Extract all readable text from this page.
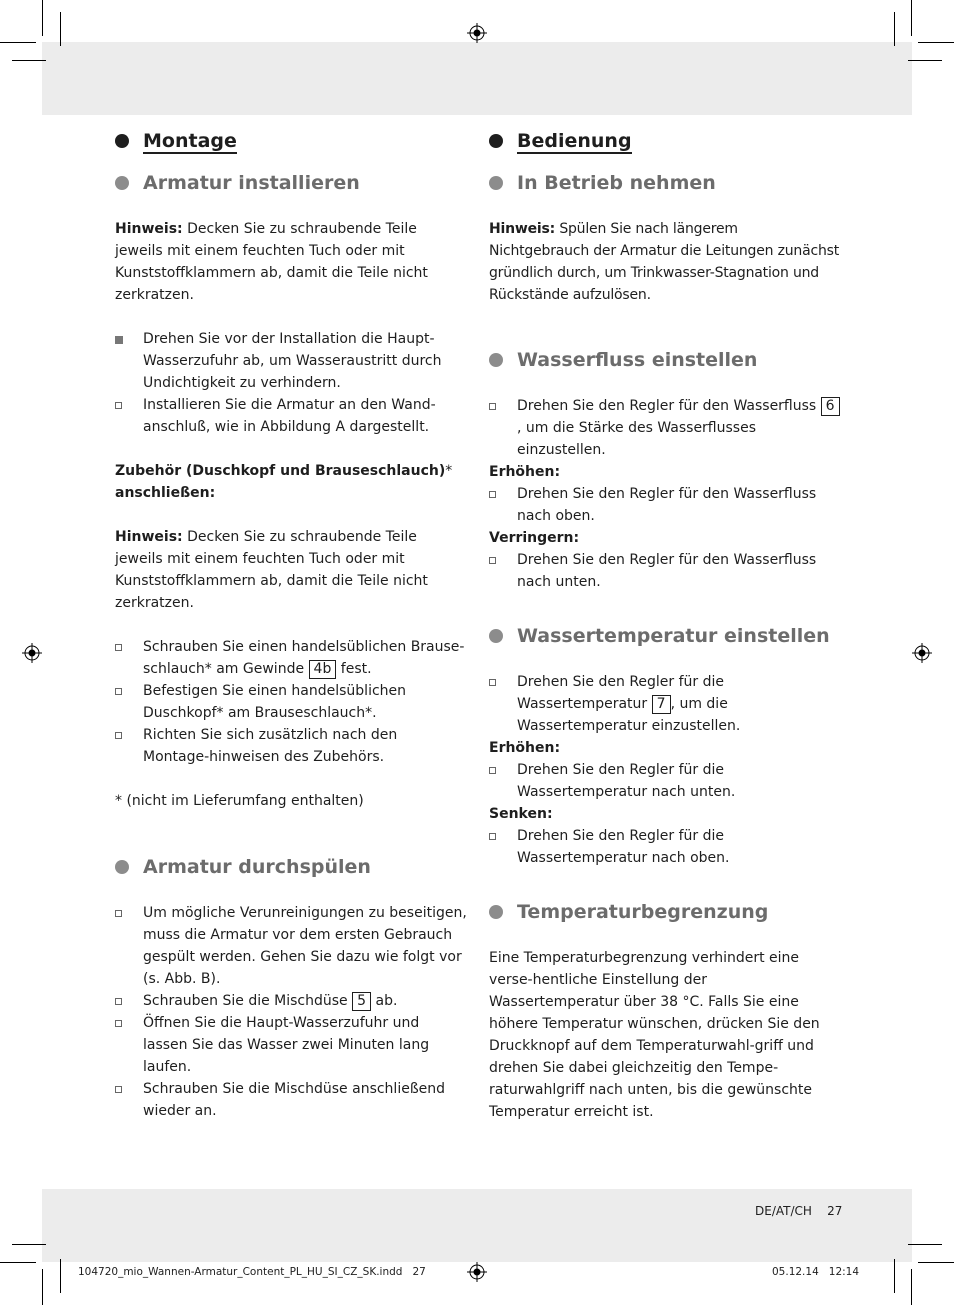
Montage
Armatur installieren

Hinweis: Decken Sie zu schraubende Teile jeweils mit einem feuchten Tuch oder mit Kunststoffklammern ab, damit die Teile nicht zerkratzen.

Drehen Sie vor der Installation die Haupt-Wasserzufuhr ab, um Wasseraustritt durch Undichtigkeit zu verhindern.
Installieren Sie die Armatur an den Wand-anschluß, wie in Abbildung A dargestellt.

Zubehör (Duschkopf und Brauseschlauch)*
anschließen:

Hinweis: Decken Sie zu schraubende Teile jeweils mit einem feuchten Tuch oder mit Kunststoffklammern ab, damit die Teile nicht zerkratzen.

Schrauben Sie einen handelsüblichen Brause-schlauch* am Gewinde 4b fest.
Befestigen Sie einen handelsüblichen Duschkopf* am Brauseschlauch*.
Richten Sie sich zusätzlich nach den Montage-hinweisen des Zubehörs.

* (nicht im Lieferumfang enthalten)

Armatur durchspülen
Um mögliche Verunreinigungen zu beseitigen, muss die Armatur vor dem ersten Gebrauch gespült werden. Gehen Sie dazu wie folgt vor (s. Abb. B).
Schrauben Sie die Mischdüse 5 ab.
Öffnen Sie die Haupt-Wasserzufuhr und lassen Sie das Wasser zwei Minuten lang laufen.
Schrauben Sie die Mischdüse anschließend wieder an.
Bedienung
In Betrieb nehmen

Hinweis: Spülen Sie nach längerem Nichtgebrauch der Armatur die Leitungen zunächst gründlich durch, um Trinkwasser-Stagnation und Rückstände aufzulösen.

Wasserfluss einstellen
Drehen Sie den Regler für den Wasserfluss 6, um die Stärke des Wasserflusses einzustellen.
Erhöhen:
Drehen Sie den Regler für den Wasserfluss nach oben.
Verringern:
Drehen Sie den Regler für den Wasserfluss nach unten.
Wassertemperatur einstellen
Drehen Sie den Regler für die Wassertemperatur 7 , um die Wassertemperatur einzustellen.
Erhöhen:
Drehen Sie den Regler für die Wassertemperatur nach unten.
Senken:
Drehen Sie den Regler für die Wassertemperatur nach oben.
Temperaturbegrenzung

Eine Temperaturbegrenzung verhindert eine verse-hentliche Einstellung der Wassertemperatur über 38 °C. Falls Sie eine höhere Temperatur wünschen, drücken Sie den Druckknopf auf dem Temperaturwahl-griff und drehen Sie dabei gleichzeitig den Tempe-raturwahlgriff nach unten, bis die gewünschte Temperatur erreicht ist.

DE/AT/CH    27
104720_mio_Wannen-Armatur_Content_PL_HU_SI_CZ_SK.indd   27	05.12.14   12:14
